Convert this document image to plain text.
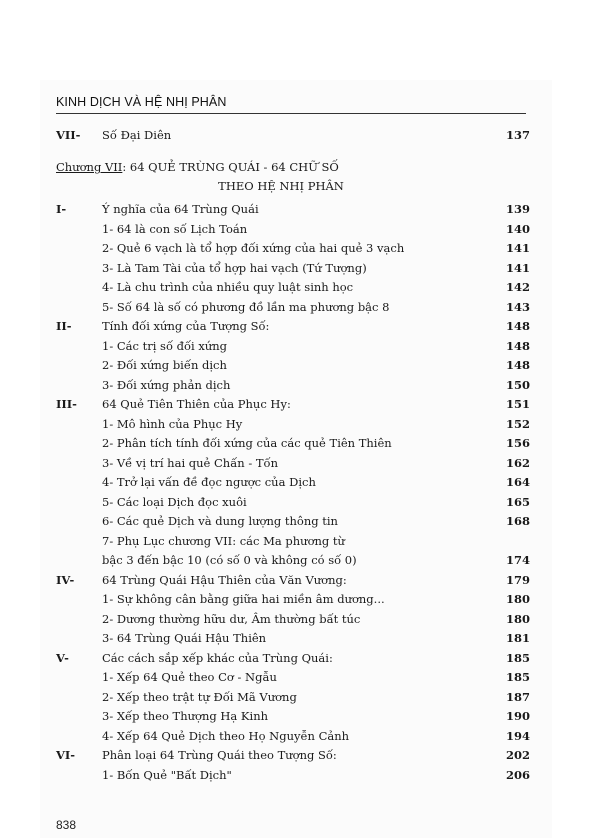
KINH DỊCH VÀ HỆ NHỊ PHÂN
VII-	Số Đại Diên	137
Chương VII: 64 QUẺ TRÙNG QUÁI - 64 CHỮ SỐ
THEO HỆ NHỊ PHÂN
I-	Ý nghĩa của 64 Trùng Quái	139
1- 64 là con số Lịch Toán	140
2- Quẻ 6 vạch là tổ hợp đối xứng của hai quẻ 3 vạch	141
3- Là Tam Tài của tổ hợp hai vạch (Tứ Tượng)	141
4- Là chu trình của nhiều quy luật sinh học	142
5- Số 64 là số có phương đồ lần ma phương bậc 8	143
II-	Tính đối xứng của Tượng Số:	148
1- Các trị số đối xứng	148
2- Đối xứng biến dịch	148
3- Đối xứng phản dịch	150
III-	64 Quẻ Tiên Thiên của Phục Hy:	151
1- Mô hình của Phục Hy	152
2- Phân tích tính đối xứng của các quẻ Tiên Thiên	156
3- Về vị trí hai quẻ Chấn - Tốn	162
4- Trở lại vấn đề đọc ngược của Dịch	164
5- Các loại Dịch đọc xuôi	165
6- Các quẻ Dịch và dung lượng thông tin	168
7- Phụ Lục chương VII: các Ma phương từ
bậc 3 đến bậc 10 (có số 0 và không có số 0)	174
IV-	64 Trùng Quái Hậu Thiên của Văn Vương:	179
1- Sự không cân bằng giữa hai miền âm dương...	180
2- Dương thường hữu dư, Âm thường bất túc	180
3- 64 Trùng Quái Hậu Thiên	181
V-	Các cách sắp xếp khác của Trùng Quái:	185
1- Xếp 64 Quẻ theo Cơ - Ngẫu	185
2- Xếp theo trật tự Đối Mã Vương	187
3- Xếp theo Thượng Hạ Kinh	190
4- Xếp 64 Quẻ Dịch theo Họ Nguyễn Cảnh	194
VI-	Phân loại 64 Trùng Quái theo Tượng Số:	202
1- Bốn Quẻ "Bất Dịch"	206
838
